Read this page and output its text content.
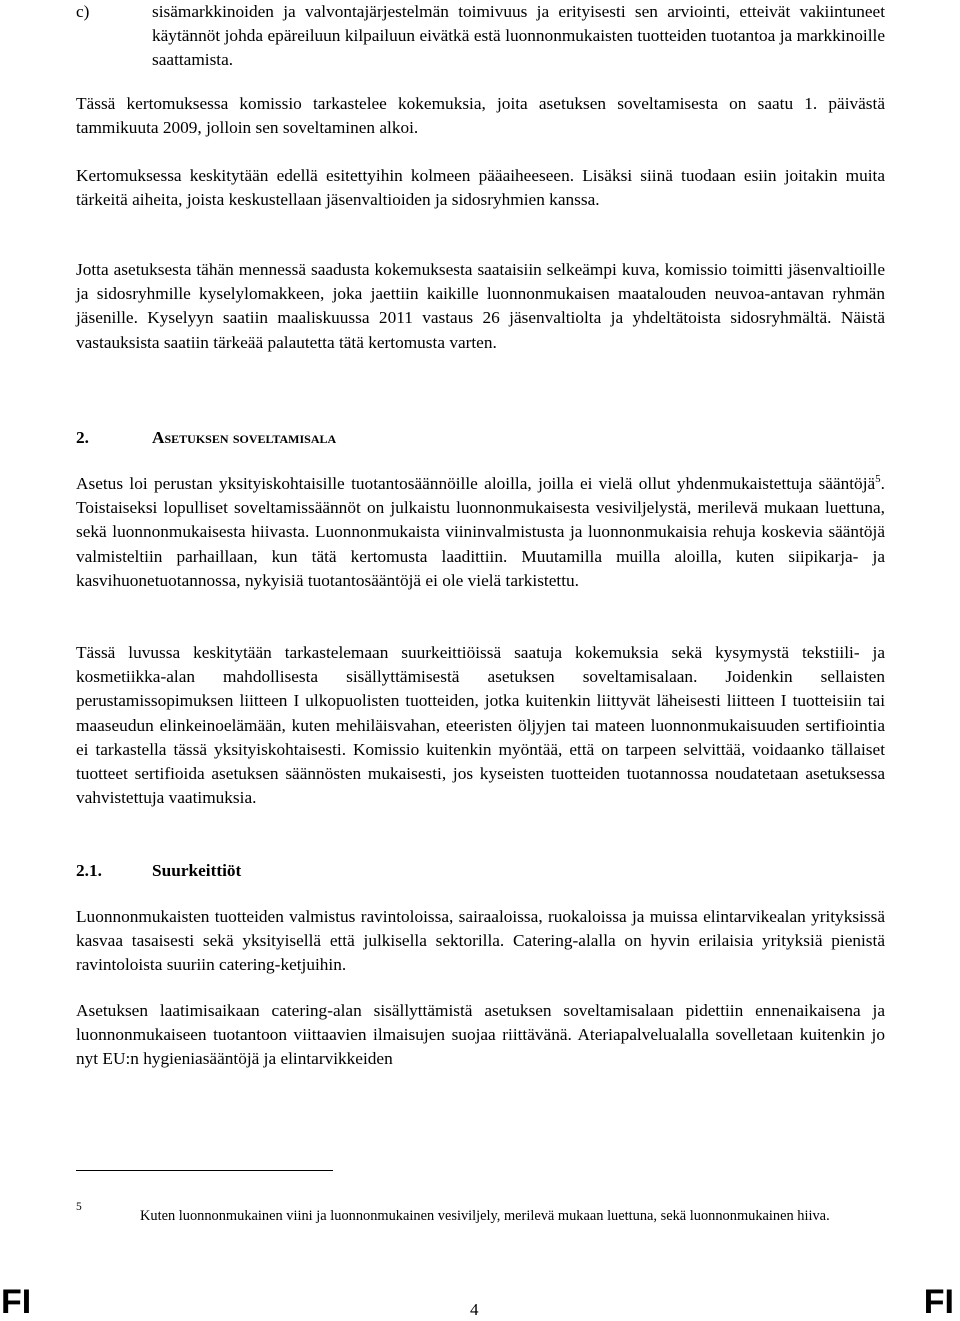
c)	sisämarkkinoiden ja valvontajärjestelmän toimivuus ja erityisesti sen arviointi, etteivät vakiintuneet käytännöt johda epäreiluun kilpailuun eivätkä estä luonnonmukaisten tuotteiden tuotantoa ja markkinoille saattamista.

Tässä kertomuksessa komissio tarkastelee kokemuksia, joita asetuksen soveltamisesta on saatu 1. päivästä tammikuuta 2009, jolloin sen soveltaminen alkoi.

Kertomuksessa keskitytään edellä esitettyihin kolmeen pääaiheeseen. Lisäksi siinä tuodaan esiin joitakin muita tärkeitä aiheita, joista keskustellaan jäsenvaltioiden ja sidosryhmien kanssa.

Jotta asetuksesta tähän mennessä saadusta kokemuksesta saataisiin selkeämpi kuva, komissio toimitti jäsenvaltioille ja sidosryhmille kyselylomakkeen, joka jaettiin kaikille luonnonmukaisen maatalouden neuvoa-antavan ryhmän jäsenille. Kyselyyn saatiin maaliskuussa 2011 vastaus 26 jäsenvaltiolta ja yhdeltätoista sidosryhmältä. Näistä vastauksista saatiin tärkeää palautetta tätä kertomusta varten.

2.	Asetuksen soveltamisala

Asetus loi perustan yksityiskohtaisille tuotantosäännöille aloilla, joilla ei vielä ollut yhdenmukaistettuja sääntöjä$^5$. Toistaiseksi lopulliset soveltamissäännöt on julkaistu luonnonmukaisesta vesiviljelystä, merilevä mukaan luettuna, sekä luonnonmukaisesta hiivasta. Luonnonmukaista viininvalmistusta ja luonnonmukaisia rehuja koskevia sääntöjä valmisteltiin parhaillaan, kun tätä kertomusta laadittiin. Muutamilla muilla aloilla, kuten siipikarja- ja kasvihuonetuotannossa, nykyisiä tuotantosääntöjä ei ole vielä tarkistettu.

Tässä luvussa keskitytään tarkastelemaan suurkeittiöissä saatuja kokemuksia sekä kysymystä tekstiili- ja kosmetiikka-alan mahdollisesta sisällyttämisestä asetuksen soveltamisalaan. Joidenkin sellaisten perustamissopimuksen liitteen I ulkopuolisten tuotteiden, jotka kuitenkin liittyvät läheisesti liitteen I tuotteisiin tai maaseudun elinkeinoelämään, kuten mehiläisvahan, eteeristen öljyjen tai mateen luonnonmukaisuuden sertifiointia ei tarkastella tässä yksityiskohtaisesti. Komissio kuitenkin myöntää, että on tarpeen selvittää, voidaanko tällaiset tuotteet sertifioida asetuksen säännösten mukaisesti, jos kyseisten tuotteiden tuotannossa noudatetaan asetuksessa vahvistettuja vaatimuksia.

2.1.	Suurkeittiöt

Luonnonmukaisten tuotteiden valmistus ravintoloissa, sairaaloissa, ruokaloissa ja muissa elintarvikealan yrityksissä kasvaa tasaisesti sekä yksityisellä että julkisella sektorilla. Catering-alalla on hyvin erilaisia yrityksiä pienistä ravintoloista suuriin catering-ketjuihin.

Asetuksen laatimisaikaan catering-alan sisällyttämistä asetuksen soveltamisalaan pidettiin ennenaikaisena ja luonnonmukaiseen tuotantoon viittaavien ilmaisujen suojaa riittävänä. Ateriapalvelualalla sovelletaan kuitenkin jo nyt EU:n hygieniasääntöjä ja elintarvikkeiden

5

Kuten luonnonmukainen viini ja luonnonmukainen vesiviljely, merilevä mukaan luettuna, sekä luonnonmukainen hiiva.

FI	4	FI
